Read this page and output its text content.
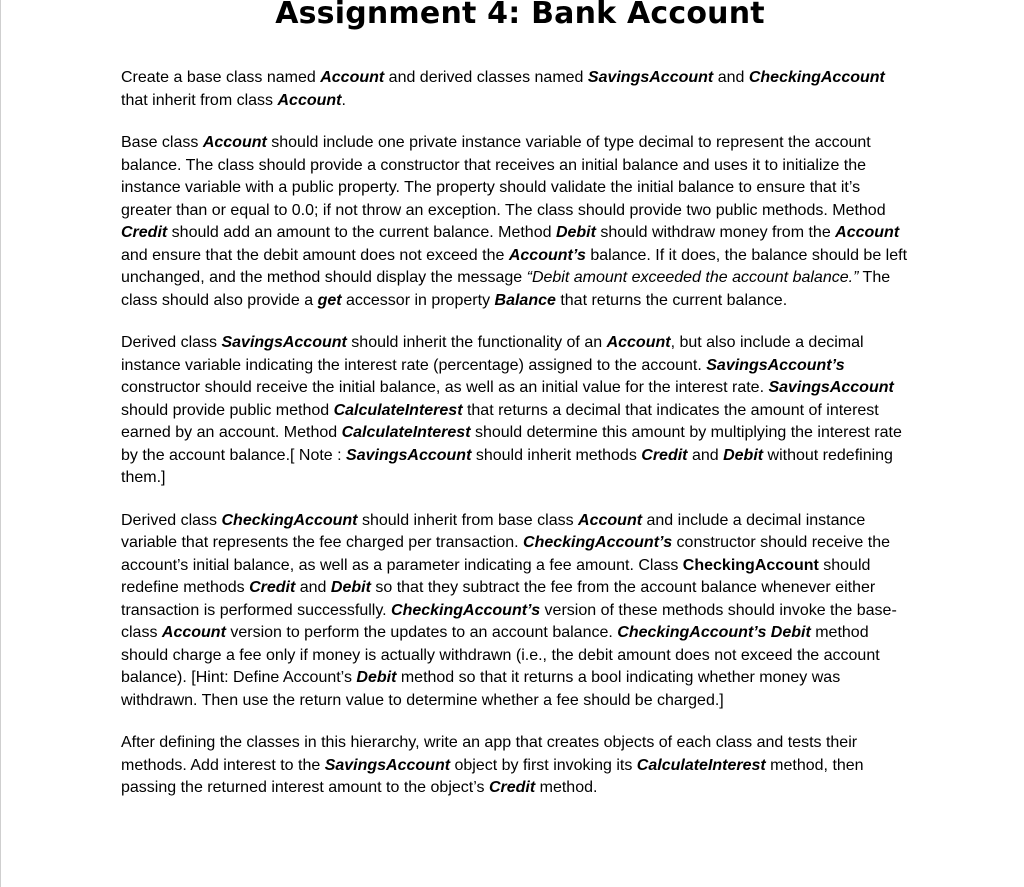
Assignment 4: Bank Account

Create a base class named Account and derived classes named SavingsAccount and CheckingAccount that inherit from class Account.

Base class Account should include one private instance variable of type decimal to represent the account balance. The class should provide a constructor that receives an initial balance and uses it to initialize the instance variable with a public property. The property should validate the initial balance to ensure that it’s greater than or equal to 0.0; if not throw an exception. The class should provide two public methods. Method Credit should add an amount to the current balance. Method Debit should withdraw money from the Account and ensure that the debit amount does not exceed the Account’s balance. If it does, the balance should be left unchanged, and the method should display the message “Debit amount exceeded the account balance.” The class should also provide a get accessor in property Balance that returns the current balance.

Derived class SavingsAccount should inherit the functionality of an Account, but also include a decimal instance variable indicating the interest rate (percentage) assigned to the account. SavingsAccount’s constructor should receive the initial balance, as well as an initial value for the interest rate. SavingsAccount should provide public method CalculateInterest that returns a decimal that indicates the amount of interest earned by an account. Method CalculateInterest should determine this amount by multiplying the interest rate by the account balance.[ Note : SavingsAccount should inherit methods Credit and Debit without redefining them.]

Derived class CheckingAccount should inherit from base class Account and include a decimal instance variable that represents the fee charged per transaction. CheckingAccount’s constructor should receive the account’s initial balance, as well as a parameter indicating a fee amount. Class CheckingAccount should redefine methods Credit and Debit so that they subtract the fee from the account balance whenever either transaction is performed successfully. CheckingAccount’s version of these methods should invoke the base-class Account version to perform the updates to an account balance. CheckingAccount’s Debit method should charge a fee only if money is actually withdrawn (i.e., the debit amount does not exceed the account balance). [Hint: Define Account’s Debit method so that it returns a bool indicating whether money was withdrawn. Then use the return value to determine whether a fee should be charged.]

After defining the classes in this hierarchy, write an app that creates objects of each class and tests their methods. Add interest to the SavingsAccount object by first invoking its CalculateInterest method, then passing the returned interest amount to the object’s Credit method.
